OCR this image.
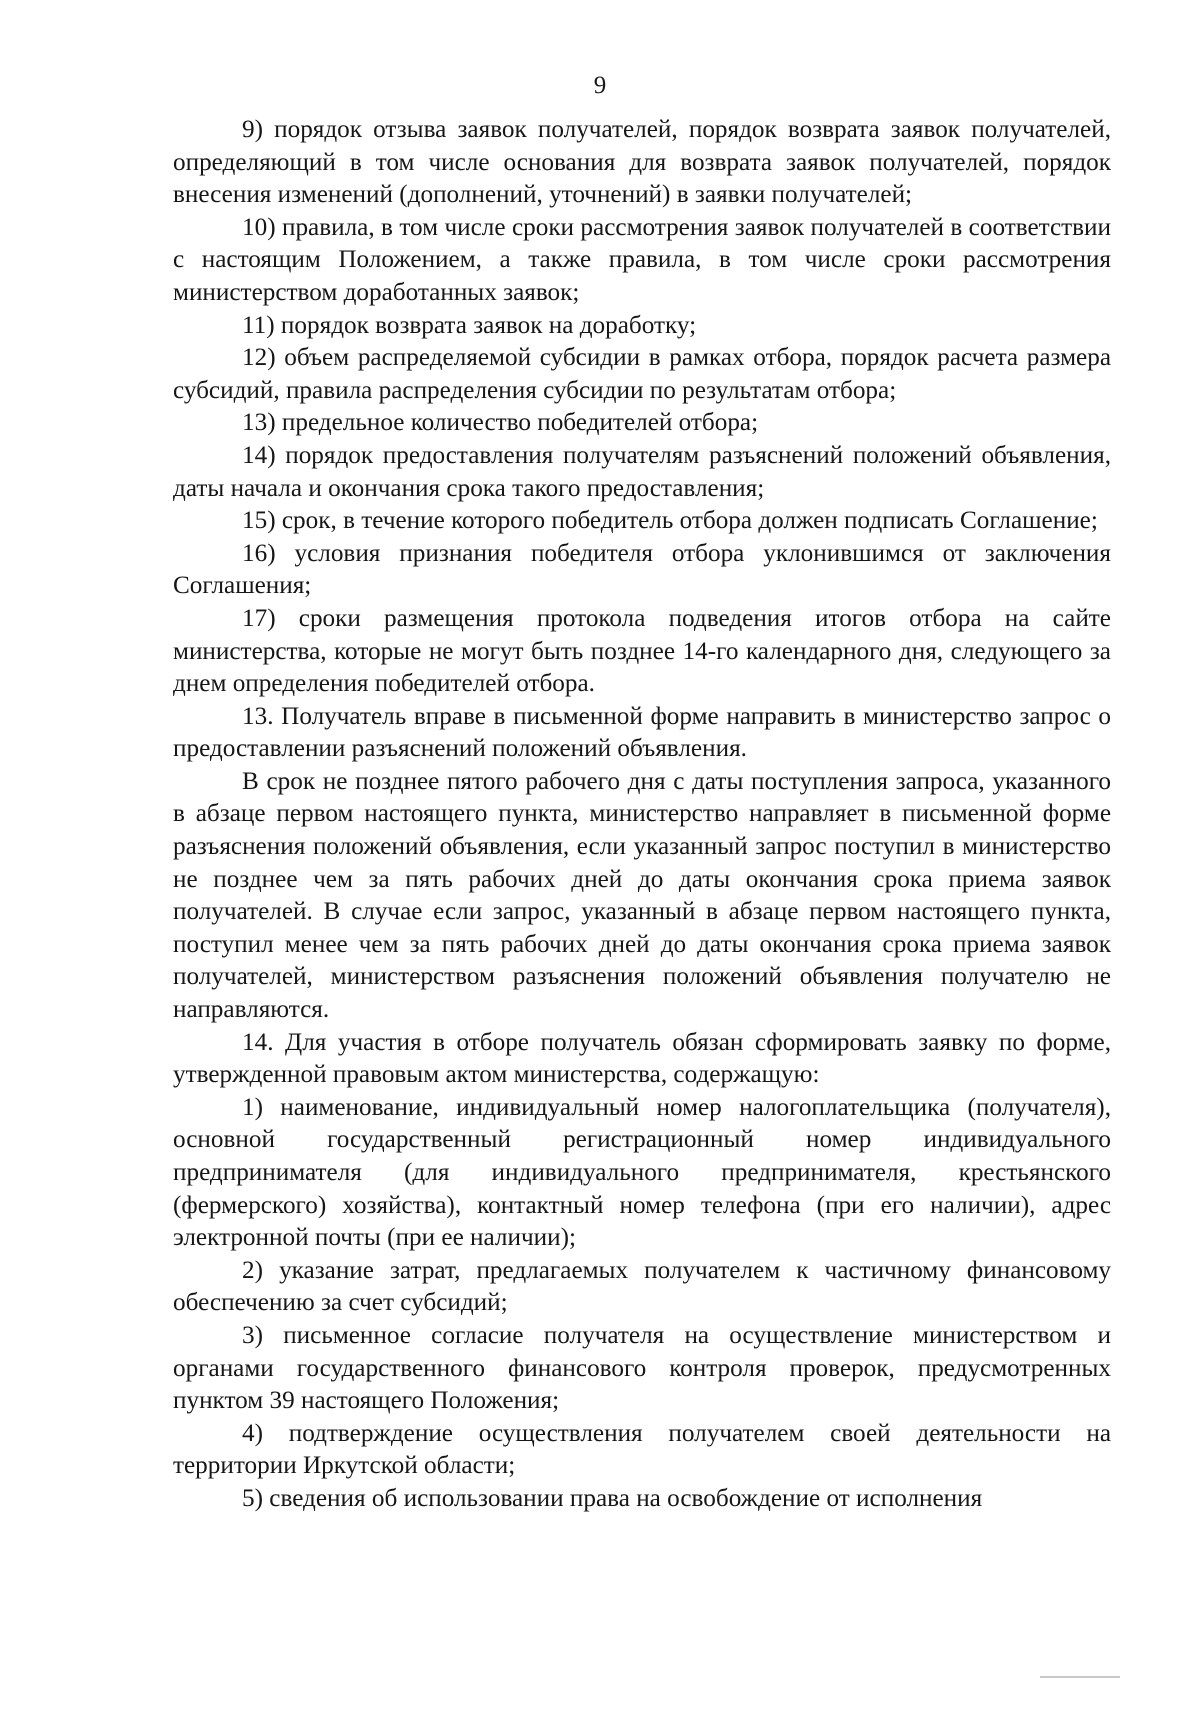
9

9) порядок отзыва заявок получателей, порядок возврата заявок получателей, определяющий в том числе основания для возврата заявок получателей, порядок внесения изменений (дополнений, уточнений) в заявки получателей;

10) правила, в том числе сроки рассмотрения заявок получателей в соответствии с настоящим Положением, а также правила, в том числе сроки рассмотрения министерством доработанных заявок;

11) порядок возврата заявок на доработку;

12) объем распределяемой субсидии в рамках отбора, порядок расчета размера субсидий, правила распределения субсидии по результатам отбора;

13) предельное количество победителей отбора;

14) порядок предоставления получателям разъяснений положений объявления, даты начала и окончания срока такого предоставления;

15) срок, в течение которого победитель отбора должен подписать Соглашение;

16) условия признания победителя отбора уклонившимся от заключения Соглашения;

17) сроки размещения протокола подведения итогов отбора на сайте министерства, которые не могут быть позднее 14-го календарного дня, следующего за днем определения победителей отбора.

13. Получатель вправе в письменной форме направить в министерство запрос о предоставлении разъяснений положений объявления.

В срок не позднее пятого рабочего дня с даты поступления запроса, указанного в абзаце первом настоящего пункта, министерство направляет в письменной форме разъяснения положений объявления, если указанный запрос поступил в министерство не позднее чем за пять рабочих дней до даты окончания срока приема заявок получателей. В случае если запрос, указанный в абзаце первом настоящего пункта, поступил менее чем за пять рабочих дней до даты окончания срока приема заявок получателей, министерством разъяснения положений объявления получателю не направляются.

14. Для участия в отборе получатель обязан сформировать заявку по форме, утвержденной правовым актом министерства, содержащую:

1) наименование, индивидуальный номер налогоплательщика (получателя), основной государственный регистрационный номер индивидуального предпринимателя (для индивидуального предпринимателя, крестьянского (фермерского) хозяйства), контактный номер телефона (при его наличии), адрес электронной почты (при ее наличии);

2) указание затрат, предлагаемых получателем к частичному финансовому обеспечению за счет субсидий;

3) письменное согласие получателя на осуществление министерством и органами государственного финансового контроля проверок, предусмотренных пунктом 39 настоящего Положения;

4) подтверждение осуществления получателем своей деятельности на территории Иркутской области;

5) сведения об использовании права на освобождение от исполнения
